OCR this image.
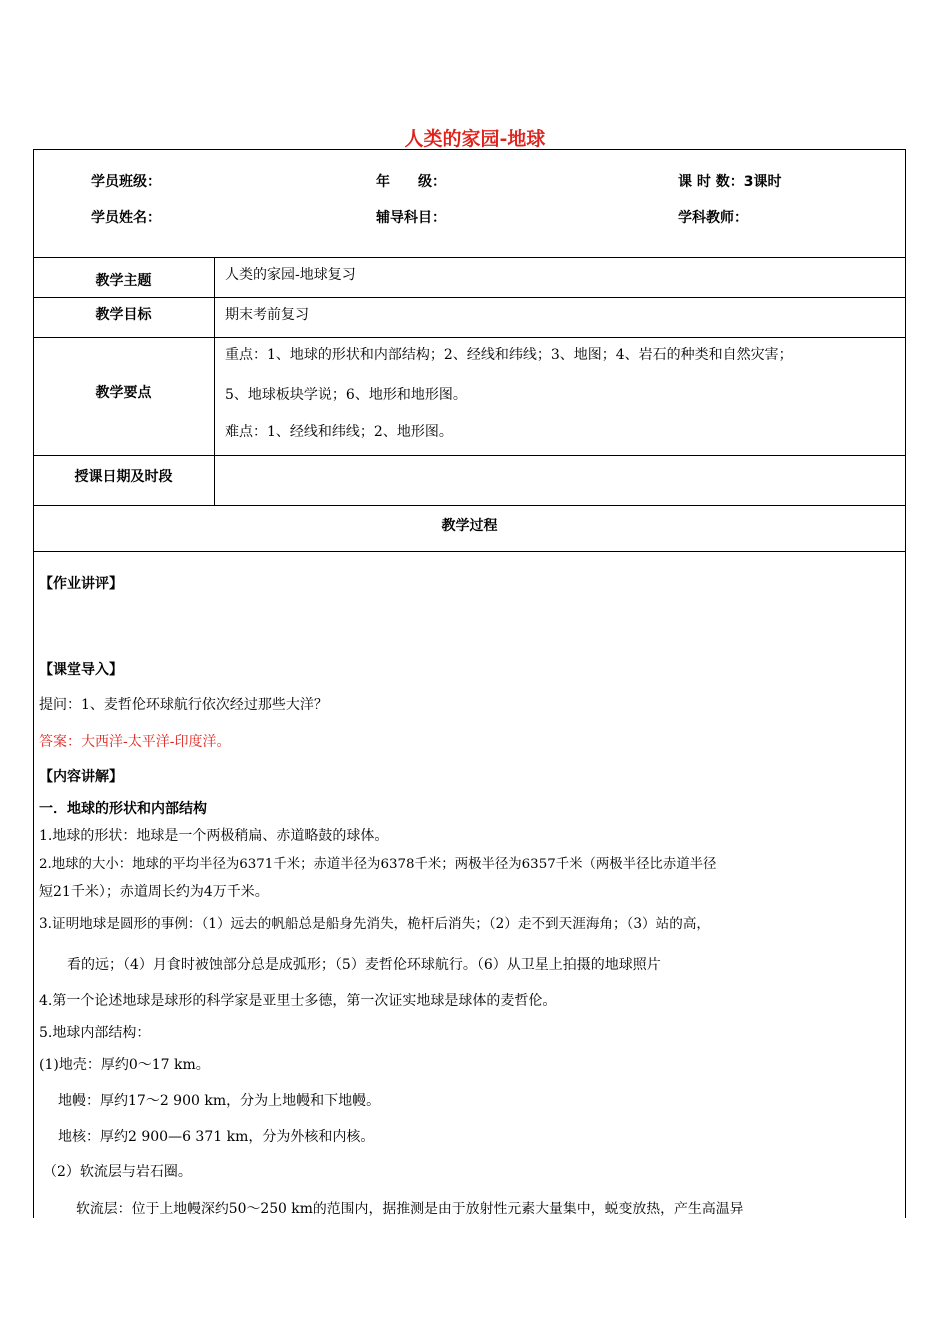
人类的家园-地球
学员班级：	年　　级：	课 时 数：3课时
学员姓名：	辅导科目：	学科教师：
教学主题	人类的家园-地球复习
教学目标	期末考前复习
教学要点
重点：1、地球的形状和内部结构；2、经线和纬线；3、地图；4、岩石的种类和自然灾害；
5、地球板块学说；6、地形和地形图。
难点：1、经线和纬线；2、地形图。
授课日期及时段
教学过程
【作业讲评】
【课堂导入】
提问：1、麦哲伦环球航行依次经过那些大洋？
答案：大西洋-太平洋-印度洋。
【内容讲解】
一．地球的形状和内部结构
1.地球的形状：地球是一个两极稍扁、赤道略鼓的球体。
2.地球的大小：地球的平均半径为6371千米；赤道半径为6378千米；两极半径为6357千米（两极半径比赤道半径
短21千米）；赤道周长约为4万千米。
3.证明地球是圆形的事例：（1）远去的帆船总是船身先消失，桅杆后消失；（2）走不到天涯海角；（3）站的高，
看的远；（4）月食时被蚀部分总是成弧形；（5）麦哲伦环球航行。（6）从卫星上拍摄的地球照片
4.第一个论述地球是球形的科学家是亚里士多德，第一次证实地球是球体的麦哲伦。
5.地球内部结构：
(1)地壳：厚约0～17 km。
地幔：厚约17～2 900 km，分为上地幔和下地幔。
地核：厚约2 900—6 371 km，分为外核和内核。
（2）软流层与岩石圈。
软流层：位于上地幔深约50～250 km的范围内，据推测是由于放射性元素大量集中，蜕变放热，产生高温异
